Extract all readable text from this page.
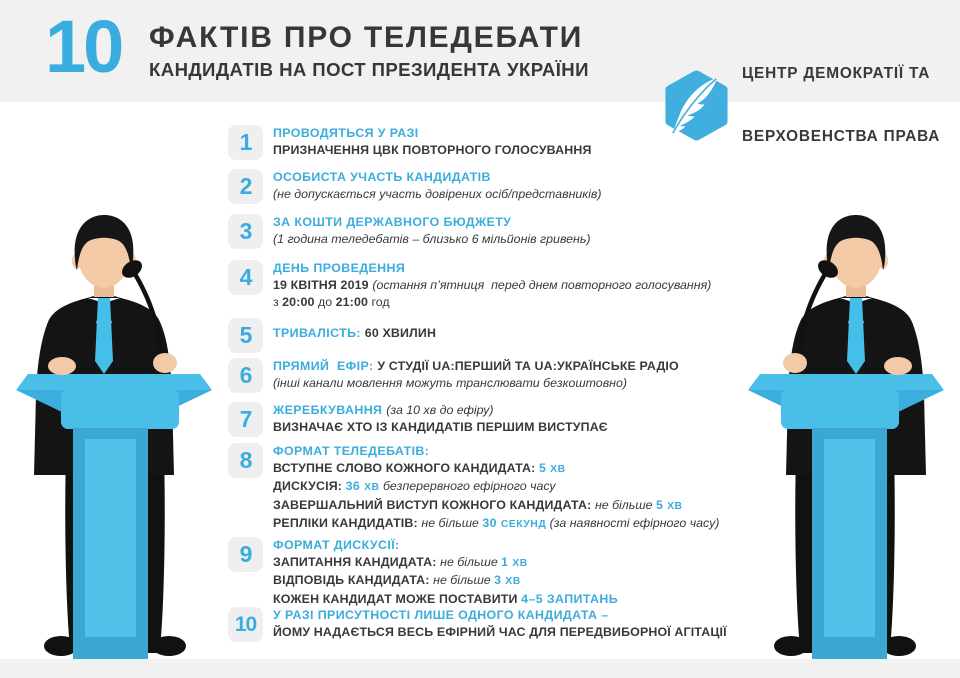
10 ФАКТІВ ПРО ТЕЛЕДЕБАТИ
КАНДИДАТІВ НА ПОСТ ПРЕЗИДЕНТА УКРАЇНИ

	ЦЕНТР ДЕМОКРАТІЇ ТА

ВЕРХОВЕНСТВА ПРАВА

1	ПРОВОДЯТЬСЯ У РАЗІ
ПРИЗНАЧЕННЯ ЦВК ПОВТОРНОГО ГОЛОСУВАННЯ
2	ОСОБИСТА УЧАСТЬ КАНДИДАТІВ
(не допускається участь довірених осіб/представників)
3	ЗА КОШТИ ДЕРЖАВНОГО БЮДЖЕТУ
(1 година теледебатів – близько 6 мільйонів гривень)
4	ДЕНЬ ПРОВЕДЕННЯ
19 КВІТНЯ 2019 (остання п’ятниця  перед днем повторного голосування)
з 20:00 до 21:00 год
5	ТРИВАЛІСТЬ: 60 ХВИЛИН
6	ПРЯМИЙ  ЕФІР: У СТУДІЇ UA:ПЕРШИЙ ТА UA:УКРАЇНСЬКЕ РАДІО
(інші канали мовлення можуть транслювати безкоштовно)
7	ЖЕРЕБКУВАННЯ (за 10 хв до ефіру)
ВИЗНАЧАЄ ХТО ІЗ КАНДИДАТІВ ПЕРШИМ ВИСТУПАЄ
8	ФОРМАТ ТЕЛЕДЕБАТІВ:
ВСТУПНЕ СЛОВО КОЖНОГО КАНДИДАТА: 5 ХВ
ДИСКУСІЯ: 36 ХВ безперервного ефірного часу
ЗАВЕРШАЛЬНИЙ ВИСТУП КОЖНОГО КАНДИДАТА: не більше 5 ХВ
РЕПЛІКИ КАНДИДАТІВ: не більше 30 СЕКУНД (за наявності ефірного часу)
9	ФОРМАТ ДИСКУСІЇ:
ЗАПИТАННЯ КАНДИДАТА: не більше 1 ХВ
ВІДПОВІДЬ КАНДИДАТА: не більше 3 ХВ
КОЖЕН КАНДИДАТ МОЖЕ ПОСТАВИТИ 4–5 ЗАПИТАНЬ
10	У РАЗІ ПРИСУТНОСТІ ЛИШЕ ОДНОГО КАНДИДАТА –
ЙОМУ НАДАЄТЬСЯ ВЕСЬ ЕФІРНИЙ ЧАС ДЛЯ ПЕРЕДВИБОРНОЇ АГІТАЦІЇ
